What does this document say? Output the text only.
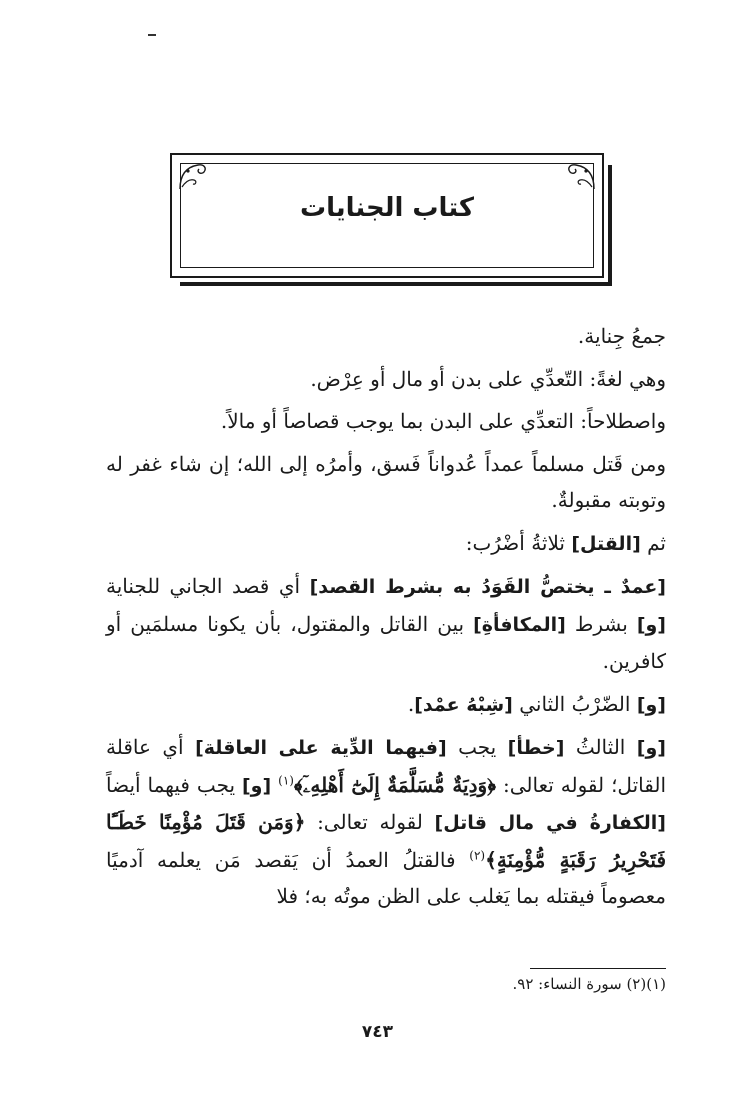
كتاب الجنايات

جمعُ جِناية.

وهي لغةً: التّعدِّي على بدن أو مال أو عِرْض.

واصطلاحاً: التعدِّي على البدن بما يوجب قصاصاً أو مالاً.

ومن قَتل مسلماً عمداً عُدواناً فَسق، وأمرُه إلى الله؛ إن شاء غفر له وتوبته مقبولةٌ.

ثم [القتل] ثلاثةُ أضْرُب:

[عمدٌ ـ يختصُّ القَوَدُ به بشرط القصد] أي قصد الجاني للجناية [و] بشرط [المكافأةِ] بين القاتل والمقتول، بأن يكونا مسلمَين أو كافرين.

[و] الضّرْبُ الثاني [شِبْهُ عمْد].

[و] الثالثُ [خطأ] يجب [فيهما الدِّية على العاقلة] أي عاقلة القاتل؛ لقوله تعالى: ﴿وَدِيَةٌ مُّسَلَّمَةٌ إِلَىٰٓ أَهْلِهِۦٓ﴾$^{(١)}$ [و] يجب فيهما أيضاً [الكفارةُ في مال قاتل] لقوله تعالى: ﴿وَمَن قَتَلَ مُؤْمِنًا خَطَـًٔا فَتَحْرِيرُ رَقَبَةٍ مُّؤْمِنَةٍ﴾$^{(٢)}$ فالقتلُ العمدُ أن يَقصد مَن يعلمه آدميًا معصوماً فيقتله بما يَغلب على الظن موتُه به؛ فلا

(١)(٢) سورة النساء: ٩٢.
٧٤٣
